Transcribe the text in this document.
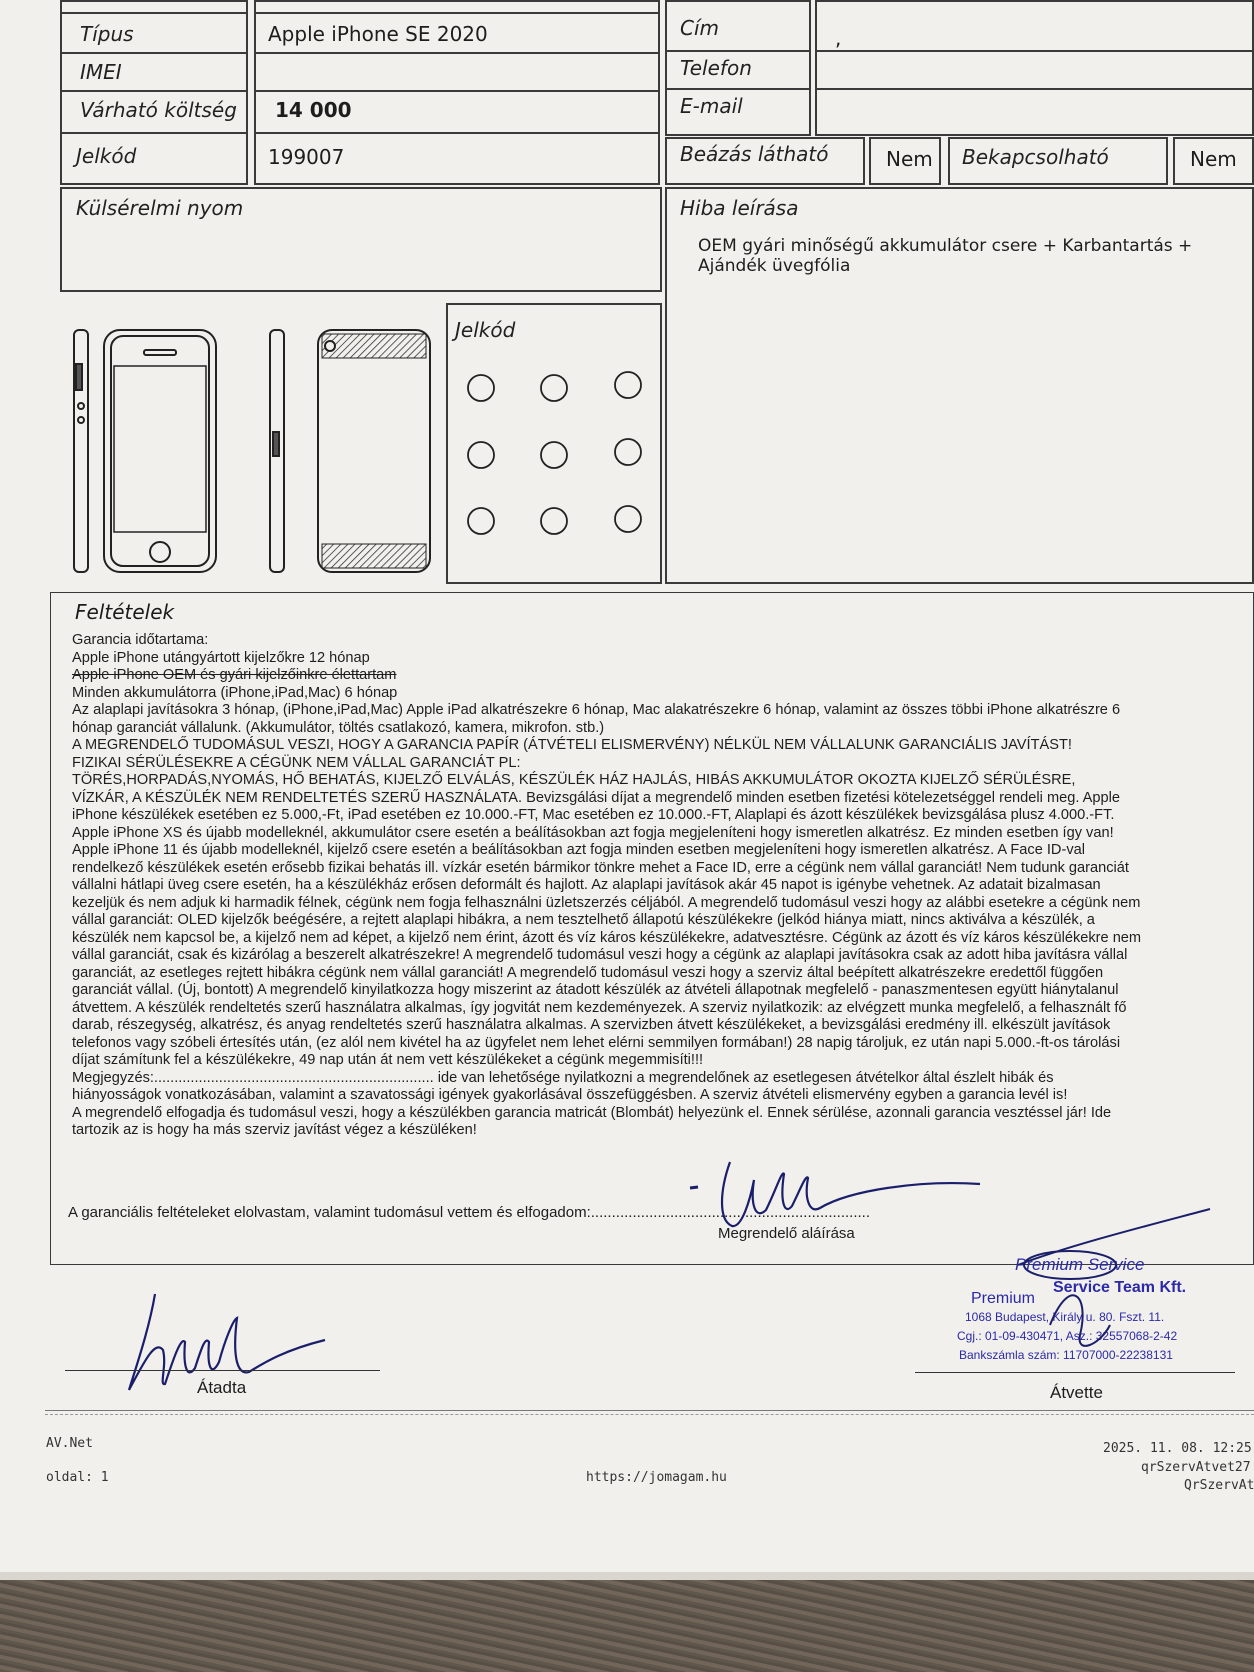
Típus	Apple iPhone SE 2020
IMEI
Várható költség 14 000
Jelkód	199007
Cím	,
Telefon
E-mail
Beázás látható	Nem Bekapcsolható	Nem
Külsérelmi nyom	Hiba leírása
OEM gyári minőségű akkumulátor csere + Karbantartás + Ajándék üvegfólia
Jelkód
Feltételek
Garancia időtartama:
Apple iPhone utángyártott kijelzőkre 12 hónap
Apple iPhone OEM és gyári kijelzőinkre élettartam
Minden akkumulátorra (iPhone,iPad,Mac) 6 hónap
Az alaplapi javításokra 3 hónap, (iPhone,iPad,Mac) Apple iPad alkatrészekre 6 hónap, Mac alakatrészekre 6 hónap, valamint az összes többi iPhone alkatrészre 6
hónap garanciát vállalunk. (Akkumulátor, töltés csatlakozó, kamera, mikrofon. stb.)
A MEGRENDELŐ TUDOMÁSUL VESZI, HOGY A GARANCIA PAPÍR (ÁTVÉTELI ELISMERVÉNY) NÉLKÜL NEM VÁLLALUNK GARANCIÁLIS JAVÍTÁST!
FIZIKAI SÉRÜLÉSEKRE A CÉGÜNK NEM VÁLLAL GARANCIÁT PL:
TÖRÉS,HORPADÁS,NYOMÁS, HŐ BEHATÁS, KIJELZŐ ELVÁLÁS, KÉSZÜLÉK HÁZ HAJLÁS, HIBÁS AKKUMULÁTOR OKOZTA KIJELZŐ SÉRÜLÉSRE,
VÍZKÁR, A KÉSZÜLÉK NEM RENDELTETÉS SZERŰ HASZNÁLATA. Bevizsgálási díjat a megrendelő minden esetben fizetési kötelezetséggel rendeli meg. Apple
iPhone készülékek esetében ez 5.000,-Ft, iPad esetében ez 10.000.-FT, Mac esetében ez 10.000.-FT, Alaplapi és ázott készülékek bevizsgálása plusz 4.000.-FT.
Apple iPhone XS és újabb modelleknél, akkumulátor csere esetén a beálításokban azt fogja megjeleníteni hogy ismeretlen alkatrész. Ez minden esetben így van!
Apple iPhone 11 és újabb modelleknél, kijelző csere esetén a beálításokban azt fogja minden esetben megjeleníteni hogy ismeretlen alkatrész. A Face ID-val
rendelkező készülékek esetén erősebb fizikai behatás ill. vízkár esetén bármikor tönkre mehet a Face ID, erre a cégünk nem vállal garanciát! Nem tudunk garanciát
vállalni hátlapi üveg csere esetén, ha a készülékház erősen deformált és hajlott. Az alaplapi javítások akár 45 napot is igénybe vehetnek. Az adatait bizalmasan
kezeljük és nem adjuk ki harmadik félnek, cégünk nem fogja felhasználni üzletszerzés céljából. A megrendelő tudomásul veszi hogy az alábbi esetekre a cégünk nem
vállal garanciát: OLED kijelzők beégésére, a rejtett alaplapi hibákra, a nem tesztelhető állapotú készülékekre (jelkód hiánya miatt, nincs aktiválva a készülék, a
készülék nem kapcsol be, a kijelző nem ad képet, a kijelző nem érint, ázott és víz káros készülékekre, adatvesztésre. Cégünk az ázott és víz káros készülékekre nem
vállal garanciát, csak és kizárólag a beszerelt alkatrészekre! A megrendelő tudomásul veszi hogy a cégünk az alaplapi javításokra csak az adott hiba javításra vállal
garanciát, az esetleges rejtett hibákra cégünk nem vállal garanciát! A megrendelő tudomásul veszi hogy a szerviz által beépített alkatrészekre eredettől függően
garanciát vállal. (Új, bontott) A megrendelő kinyilatkozza hogy miszerint az átadott készülék az átvételi állapotnak megfelelő - panaszmentesen együtt hiánytalanul
átvettem. A készülék rendeltetés szerű használatra alkalmas, így jogvitát nem kezdeményezek. A szerviz nyilatkozik: az elvégzett munka megfelelő, a felhasznált fő
darab, részegység, alkatrész, és anyag rendeltetés szerű használatra alkalmas. A szervizben átvett készülékeket, a bevizsgálási eredmény ill. elkészült javítások
telefonos vagy szóbeli értesítés után, (ez alól nem kivétel ha az ügyfelet nem lehet elérni semmilyen formában!) 28 napig tároljuk, ez után napi 5.000.-ft-os tárolási
díjat számítunk fel a készülékekre, 49 nap után át nem vett készülékeket a cégünk megemmisíti!!!
Megjegyzés:..................................................................... ide van lehetősége nyilatkozni a megrendelőnek az esetlegesen átvételkor által észlelt hibák és
hiányosságok vonatkozásában, valamint a szavatossági igények gyakorlásával összefüggésben. A szerviz átvételi elismervény egyben a garancia levél is!
A megrendelő elfogadja és tudomásul veszi, hogy a készülékben garancia matricát (Blombát) helyezünk el. Ennek sérülése, azonnali garancia vesztéssel jár! Ide
tartozik az is hogy ha más szerviz javítást végez a készüléken!
A garanciális feltételeket elolvastam, valamint tudomásul vettem és elfogadom:...................................................................
Megrendelő aláírása
Átadta
Premium Service
Premium
Service Team Kft.
1068 Budapest, Király u. 80. Fszt. 11.
Cgj.: 01-09-430471, Asz.: 32557068-2-42
Bankszámla szám: 11707000-22238131
Átvette
AV.Net
oldal: 1	https://jomagam.hu
2025. 11. 08. 12:25
qrSzervAtvet27
QrSzervAt
